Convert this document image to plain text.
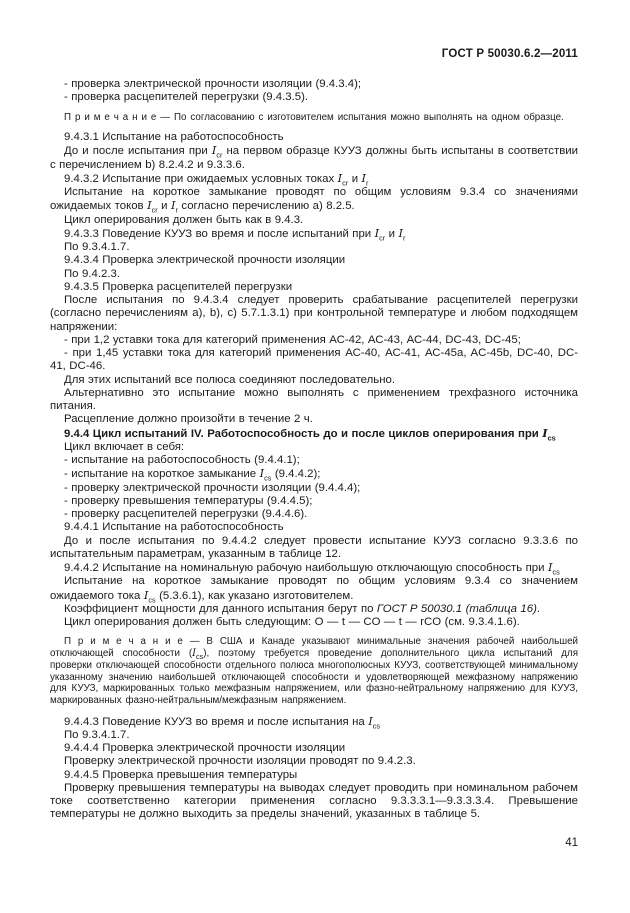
ГОСТ Р 50030.6.2—2011

- проверка электрической прочности изоляции (9.4.3.4);

- проверка расцепителей перегрузки (9.4.3.5).

П р и м е ч а н и е — По согласованию с изготовителем испытания можно выполнять на одном образце.

9.4.3.1 Испытание на работоспособность

До и после испытания при $I_{cr}$ на первом образце КУУЗ должны быть испытаны в соответствии с перечислением b) 8.2.4.2 и 9.3.3.6.

9.4.3.2 Испытание при ожидаемых условных токах $I_{cr}$ и $I_r$

Испытание на короткое замыкание проводят по общим условиям 9.3.4 со значениями ожидаемых токов $I_{cr}$ и $I_r$ согласно перечислению а) 8.2.5.

Цикл оперирования должен быть как в 9.4.3.

9.4.3.3 Поведение КУУЗ во время и после испытаний при $I_{cr}$ и $I_r$

По 9.3.4.1.7.

9.4.3.4 Проверка электрической прочности изоляции

По 9.4.2.3.

9.4.3.5 Проверка расцепителей перегрузки

После испытания по 9.4.3.4 следует проверить срабатывание расцепителей перегрузки (согласно перечислениям а), b), c) 5.7.1.3.1) при контрольной температуре и любом подходящем напряжении:

- при 1,2 уставки тока для категорий применения АС-42, АС-43, АС-44, DC-43, DC-45;

- при 1,45 уставки тока для категорий применения АС-40, АС-41, АС-45a, AC-45b, DC-40, DC-41, DC-46.

Для этих испытаний все полюса соединяют последовательно.

Альтернативно это испытание можно выполнять с применением трехфазного источника питания.

Расцепление должно произойти в течение 2 ч.

9.4.4 Цикл испытаний IV. Работоспособность до и после циклов оперирования при $I_{cs}$

Цикл включает в себя:

- испытание на работоспособность (9.4.4.1);

- испытание на короткое замыкание $I_{cs}$ (9.4.4.2);

- проверку электрической прочности изоляции (9.4.4.4);

- проверку превышения температуры (9.4.4.5);

- проверку расцепителей перегрузки (9.4.4.6).

9.4.4.1 Испытание на работоспособность

До и после испытания по 9.4.4.2 следует провести испытание КУУЗ согласно 9.3.3.6 по испытательным параметрам, указанным в таблице 12.

9.4.4.2 Испытание на номинальную рабочую наибольшую отключающую способность при $I_{cs}$

Испытание на короткое замыкание проводят по общим условиям 9.3.4 со значением ожидаемого тока $I_{cs}$ (5.3.6.1), как указано изготовителем.

Коэффициент мощности для данного испытания берут по ГОСТ Р 50030.1 (таблица 16).

Цикл оперирования должен быть следующим: O — t — CO — t — rCO (см. 9.3.4.1.6).

П р и м е ч а н и е — В США и Канаде указывают минимальные значения рабочей наибольшей отключающей способности $(I_{cs})$, поэтому требуется проведение дополнительного цикла испытаний для проверки отключающей способности отдельного полюса многополюсных КУУЗ, соответствующей минимальному указанному значению наибольшей отключающей способности и удовлетворяющей межфазному напряжению для КУУЗ, маркированных только межфазным напряжением, или фазно-нейтральному напряжению для КУУЗ, маркированных фазно-нейтральным/межфазным напряжением.

9.4.4.3 Поведение КУУЗ во время и после испытания на $I_{cs}$

По 9.3.4.1.7.

9.4.4.4 Проверка электрической прочности изоляции

Проверку электрической прочности изоляции проводят по 9.4.2.3.

9.4.4.5 Проверка превышения температуры

Проверку превышения температуры на выводах следует проводить при номинальном рабочем токе соответственно категории применения согласно 9.3.3.3.1—9.3.3.3.4. Превышение температуры не должно выходить за пределы значений, указанных в таблице 5.

41
